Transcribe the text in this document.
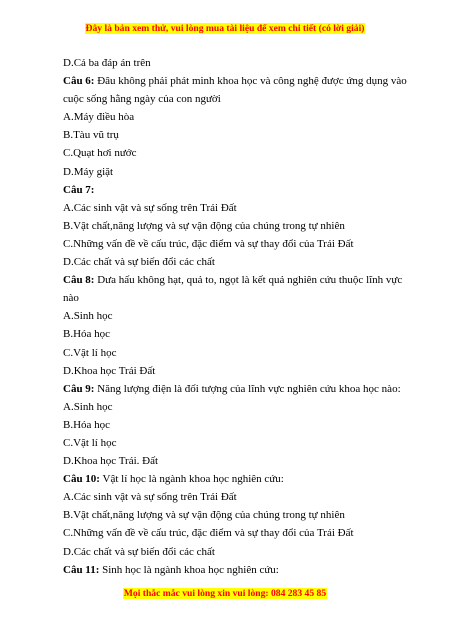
Đây là bản xem thử, vui lòng mua tài liệu để xem chi tiết (có lời giải)
D.Cả ba đáp án trên
Câu 6: Đâu không phải phát minh khoa học và công nghệ được ứng dụng vào
cuộc sống hằng ngày của con người
A.Máy điều hòa
B.Tàu vũ trụ
C.Quạt hơi nước
D.Máy giặt
Câu 7:
A.Các sinh vật và sự sống trên Trái Đất
B.Vật chất,năng lượng và sự vận động của chúng trong tự nhiên
C.Những vấn đề về cấu trúc, đặc điểm và sự thay đổi của Trái Đất
D.Các chất và sự biến đổi các chất
Câu 8: Dưa hấu không hạt, quả to, ngọt là kết quả nghiên cứu thuộc lĩnh vực
nào
A.Sinh học
B.Hóa học
C.Vật lí học
D.Khoa học Trái Đất
Câu 9: Năng lượng điện là đối tượng của lĩnh vực nghiên cứu khoa học nào:
A.Sinh học
B.Hóa học
C.Vật lí học
D.Khoa học Trái. Đất
Câu 10: Vật lí học là ngành khoa học nghiên cứu:
A.Các sinh vật và sự sống trên Trái Đất
B.Vật chất,năng lượng và sự vận động của chúng trong tự nhiên
C.Những vấn đề về cấu trúc, đặc điểm và sự thay đổi của Trái Đất
D.Các chất và sự biến đổi các chất
Câu 11: Sinh học là ngành khoa học nghiên cứu:
Mọi thắc mắc vui lòng xin vui lòng: 084 283 45 85
